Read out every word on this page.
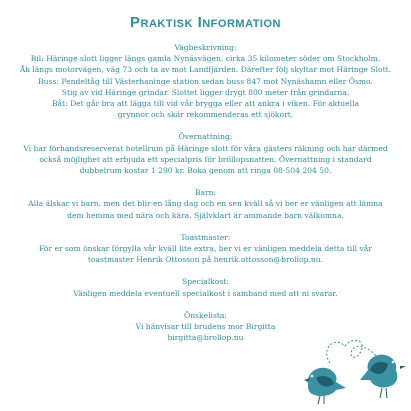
Praktisk Information
Vägbeskrivning:
Bil: Häringe slott ligger längs gamla Nynäsvägen, cirka 35 kilometer söder om Stockholm.
Åk längs motorvägen, väg 73 och ta av mot Landfjärden. Därefter följ skyltar mot Häringe Slott.
Buss: Pendeltåg till Västerhaninge station sedan buss 847 mot Nynäshamn eller Ösmo.
Stig av vid Häringe grindar. Slottet ligger drygt 800 meter från grindarna.
Båt: Det går bra att lägga till vid vår brygga eller att ankra i viken. För aktuella
grynnor och skär rekommenderas ett sjökort.
Övernattning:
Vi har förhandsreserverat hotellrum på Häringe slott för våra gästers räkning och har därmed
också möjlighet att erbjuda ett specialpris för bröllopsnatten. Övernattning i standard
dubbelrum kostar 1 290 kr. Boka genom att ringa 08-504 204 50.
Barn:
Alla älskar vi barn, men det blir en lång dag och en sen kväll så vi ber er vänligen att lämna
dem hemma med nära och kära. Självklart är ammande barn välkomna.
Toastmaster:
För er som önskar förgylla vår kväll lite extra, ber vi er vänligen meddela detta till vår
toastmaster Henrik Ottosson på henrik.ottosson@brollop.nu.
Specialkost:
Vänligen meddela eventuell specialkost i samband med att ni svarar.
Önskelista:
Vi hänvisar till brudens mor Birgitta
birgitta@brollop.nu
